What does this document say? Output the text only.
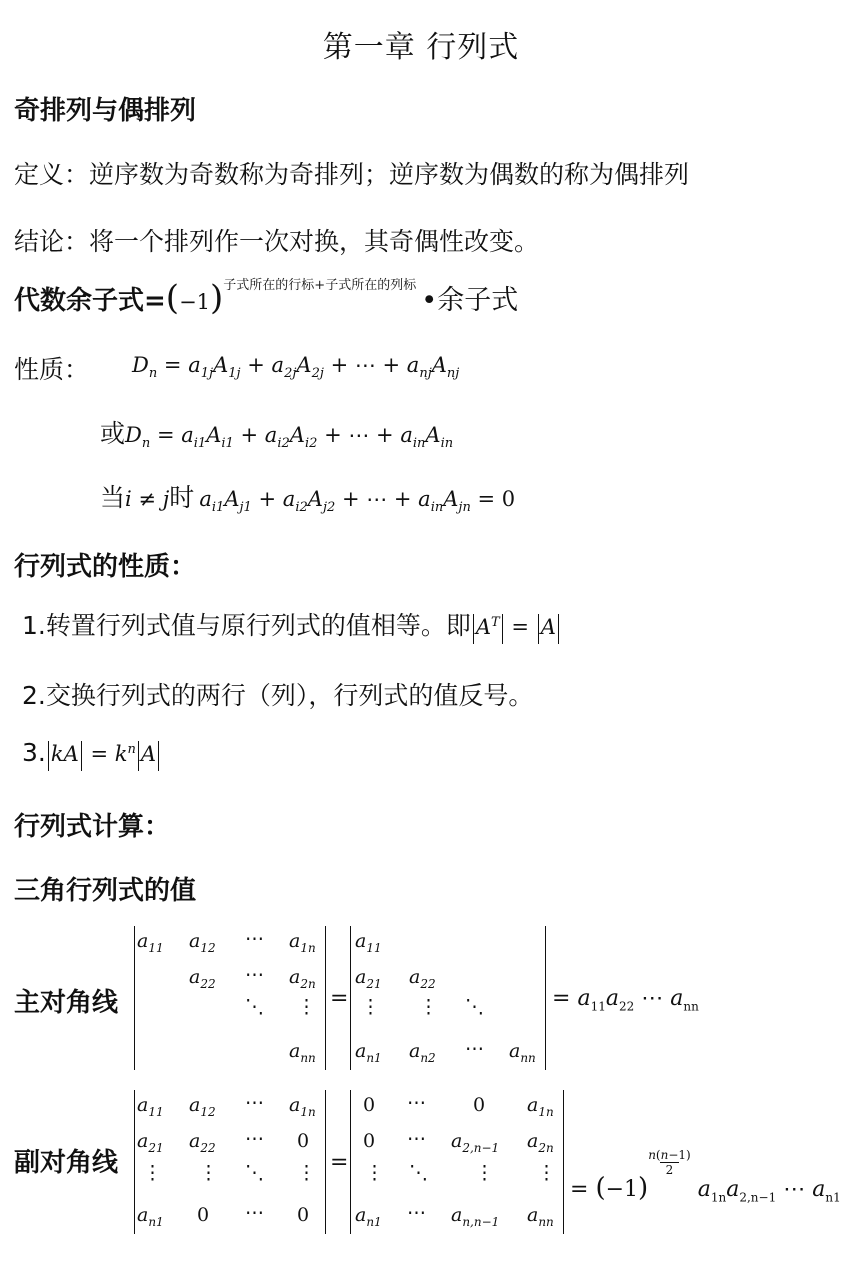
第一章 行列式
奇排列与偶排列
定义：逆序数为奇数称为奇排列；逆序数为偶数的称为偶排列
结论：将一个排列作一次对换，其奇偶性改变。
代数余子式$=(-1)^{子式所在的行标+子式所在的列标}$ •余子式
性质： $D_n = a_{1j}A_{1j} + a_{2j}A_{2j}$ + ⋯ + $a_{nj}A_{nj}$
或$D_n = a_{i1}A_{i1} + a_{i2}A_{i2}$ + ⋯ + $a_{in}A_{in}$
当i ≠ j时 $a_{i1}A_{j1} + a_{i2}A_{j2}$ + ⋯ + $a_{in}A_{jn} = 0$
行列式的性质：
1.转置行列式值与原行列式的值相等。即 $A^T = A$
2.交换行列式的两行（列），行列式的值反号。
3. kA = $k^n$ A
行列式计算：
三角行列式的值
主对角线
$a_{11}$ $a_{12}$ ⋯ $a_{1n}$
$a_{22}$ ⋯ $a_{2n}$
⋱ ⋮
$a_{nn}$
=
$a_{11}$
$a_{21}$ $a_{22}$
⋮ ⋮ ⋱
$a_{n1}$ $a_{n2}$ ⋯ $a_{nn}$
= $a_{11}a_{22}$ ⋯ $a_{nn}$
副对角线
$a_{11}$ $a_{12}$ ⋯ $a_{1n}$
$a_{21}$ $a_{22}$ ⋯ 0
⋮ ⋮ ⋱ ⋮
$a_{n1}$ 0 ⋯ 0
=
0 ⋯ 0 $a_{1n}$
0 ⋯ $a_{2,n-1}$ $a_{2n}$
⋮ ⋱ ⋮ ⋮
$a_{n1}$ ⋯ $a_{n,n-1}$ $a_{nn}$
= (−1)n(n−1)
2 $a_{1n}a_{2,n-1}$ ⋯ $a_{n1}$
